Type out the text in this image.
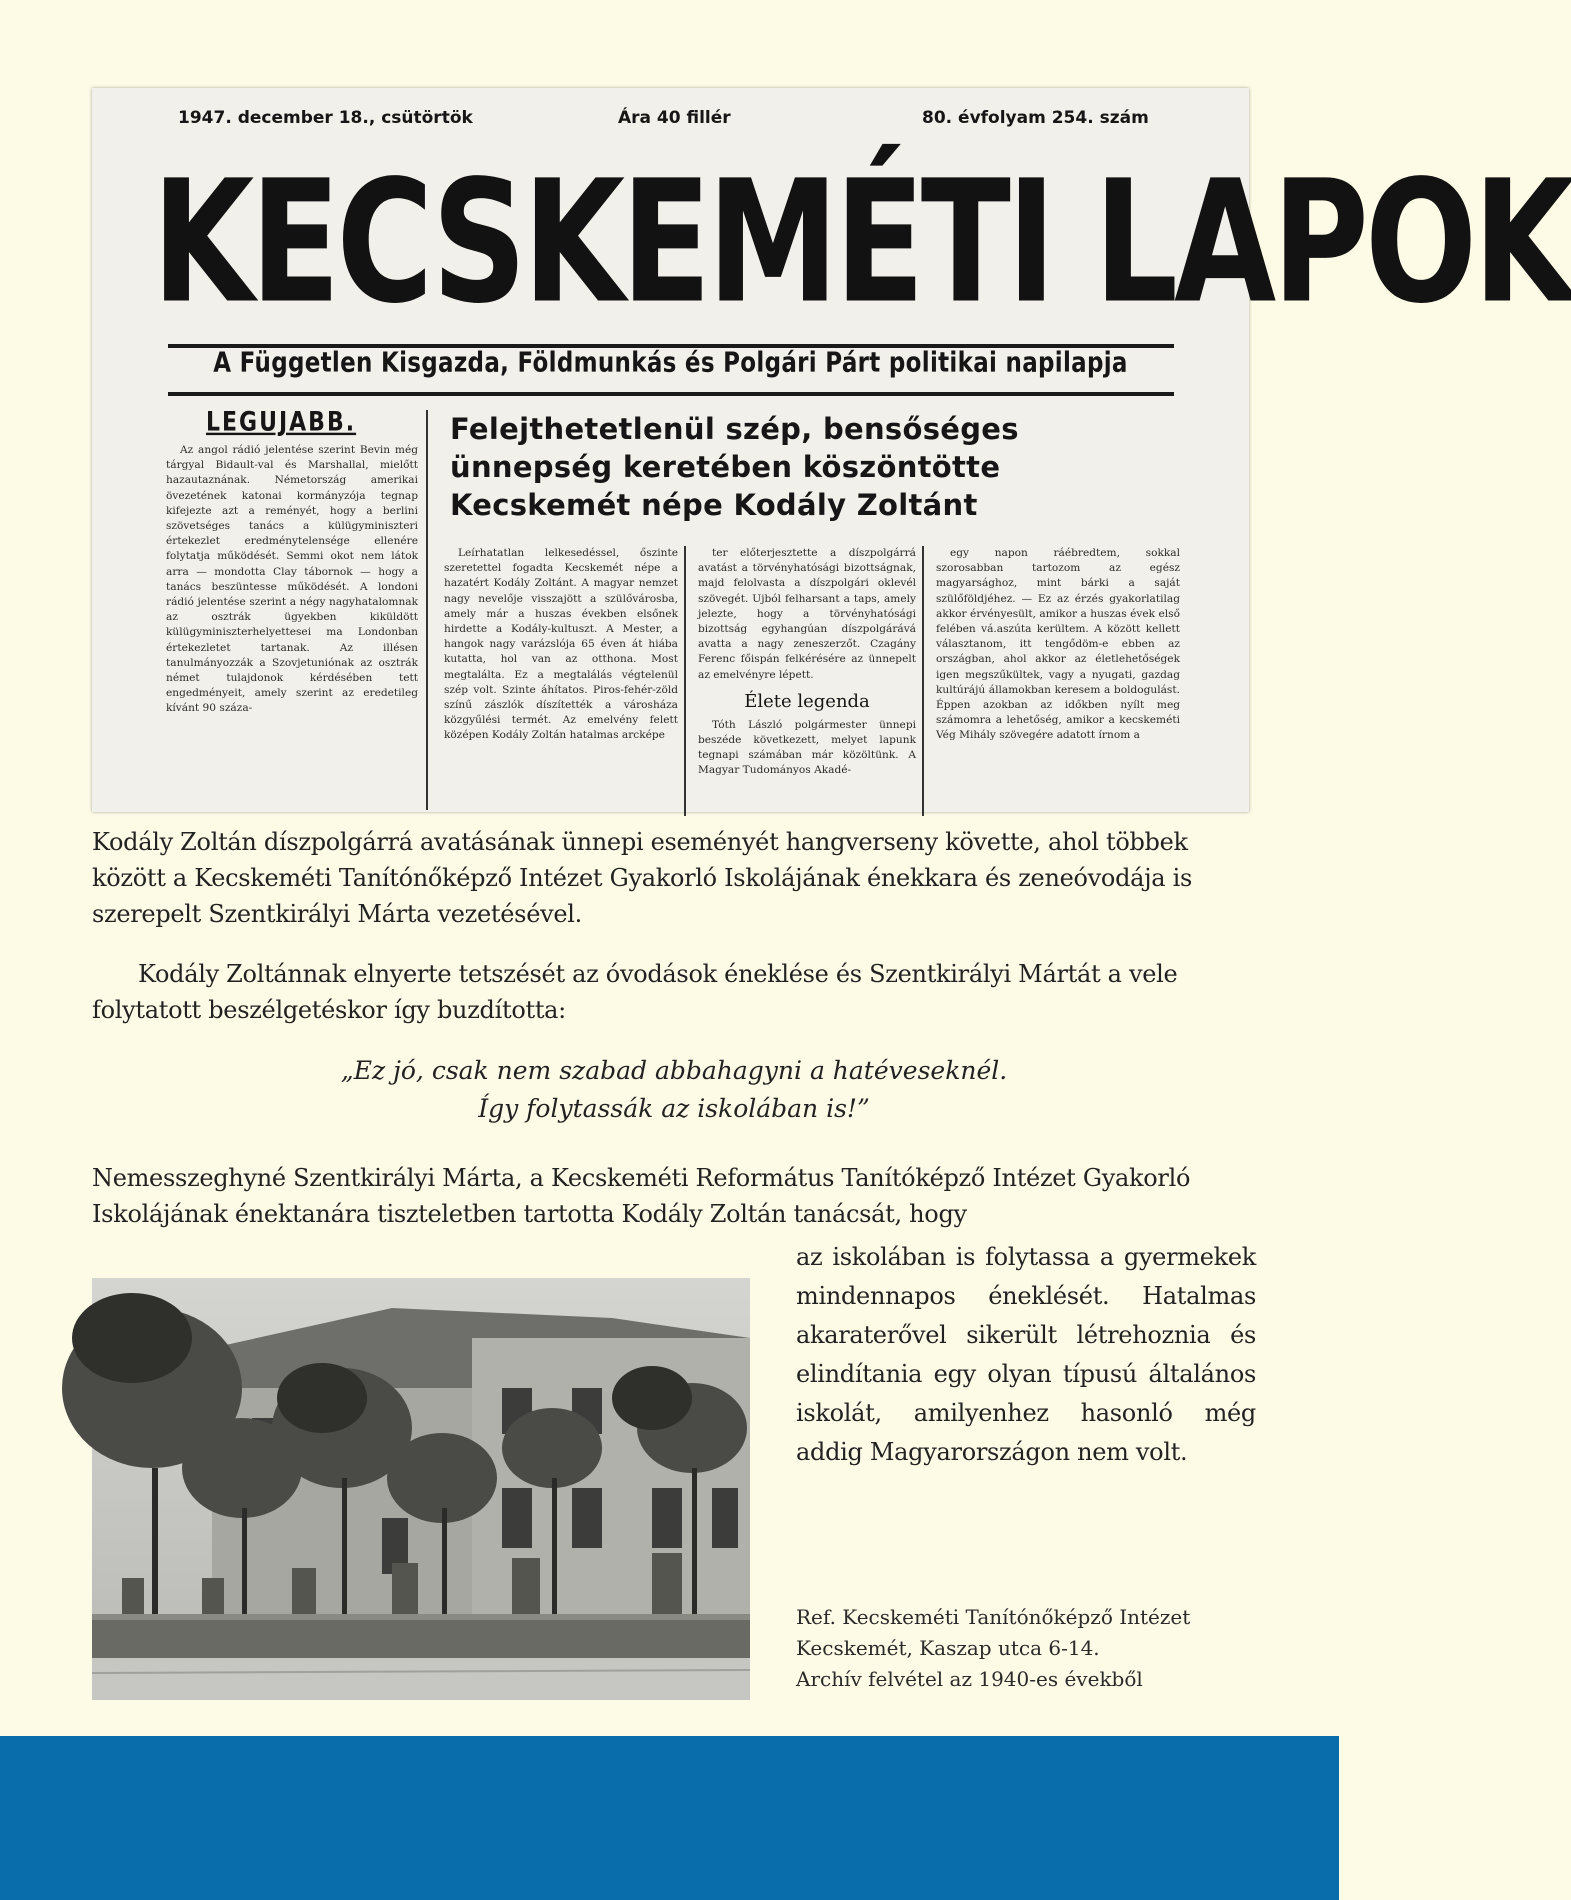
1947. december 18., csütörtök	Ára 40 fillér	80. évfolyam 254. szám
KECSKEMÉTI LAPOK
A Független Kisgazda, Földmunkás és Polgári Párt politikai napilapja
LEGUJABB.
Az angol rádió jelentése szerint Bevin még tárgyal Bidault-val és Marshallal, mielőtt hazautaznának. Németország amerikai övezetének katonai kormányzója tegnap kifejezte azt a reményét, hogy a berlini szövetséges tanács a külügyminiszteri értekezlet eredménytelensége ellenére folytatja működését. Semmi okot nem látok arra — mondotta Clay tábornok — hogy a tanács beszüntesse működését. A londoni rádió jelentése szerint a négy nagyhatalomnak az osztrák ügyekben kiküldött külügyminiszterhelyettesei ma Londonban értekezletet tartanak. Az illésen tanulmányozzák a Szovjetuniónak az osztrák német tulajdonok kérdésében tett engedményeit, amely szerint az eredetileg kívánt 90 száza-
Felejthetetlenül szép, bensőséges
ünnepség keretében köszöntötte
Kecskemét népe Kodály Zoltánt
Leírhatatlan lelkesedéssel, őszinte szeretettel fogadta Kecskemét népe a hazatért Kodály Zoltánt. A magyar nemzet nagy nevelője visszajött a szülővárosba, amely már a huszas években elsőnek hirdette a Kodály-kultuszt. A Mester, a hangok nagy varázslója 65 éven át hiába kutatta, hol van az otthona. Most megtalálta. Ez a megtalálás végtelenül szép volt. Szinte áhítatos. Piros-fehér-zöld színű zászlók díszítették a városháza közgyűlési termét. Az emelvény felett középen Kodály Zoltán hatalmas arcképe
ter előterjesztette a díszpolgárrá avatást a törvényhatósági bizottságnak, majd felolvasta a díszpolgári oklevél szövegét. Ujból felharsant a taps, amely jelezte, hogy a törvényhatósági bizottság egyhangúan díszpolgárává avatta a nagy zeneszerzőt. Czagány Ferenc főispán felkérésére az ünnepelt az emelvényre lépett.
Élete legenda
Tóth László polgármester ünnepi beszéde következett, melyet lapunk tegnapi számában már közöltünk. A Magyar Tudományos Akadé-
egy napon ráébredtem, sokkal szorosabban tartozom az egész magyarsághoz, mint bárki a saját szülőföldjéhez. — Ez az érzés gyakorlatilag akkor érvényesült, amikor a huszas évek első felében vá.aszúta kerültem. A között kellett választanom, itt tengődöm-e ebben az országban, ahol akkor az életlehetőségek igen megszűkültek, vagy a nyugati, gazdag kultúrájú államokban keresem a boldogulást. Éppen azokban az időkben nyílt meg számomra a lehetőség, amikor a kecskeméti Vég Mihály szövegére adatott írnom a

Kodály Zoltán díszpolgárrá avatásának ünnepi eseményét hangverseny követte, ahol többek között a Kecskeméti Tanítónőképző Intézet Gyakorló Iskolájának énekkara és zeneóvodája is szerepelt Szentkirályi Márta vezetésével.

Kodály Zoltánnak elnyerte tetszését az óvodások éneklése és Szentkirályi Mártát a vele folytatott beszélgetéskor így buzdította:

„Ez jó, csak nem szabad abbahagyni a hatéveseknél.
Így folytassák az iskolában is!”

Nemesszeghyné Szentkirályi Márta, a Kecskeméti Református Tanítóképző Intézet Gyakorló Iskolájának énektanára tiszteletben tartotta Kodály Zoltán tanácsát, hogy

az iskolában is folytassa a gyermekek mindennapos éneklését. Hatalmas akaraterővel sikerült létrehoznia és elindítania egy olyan típusú általános iskolát, amilyenhez hasonló még addig Magyarországon nem volt.

Ref. Kecskeméti Tanítónőképző Intézet
Kecskemét, Kaszap utca 6-14.
Archív felvétel az 1940-es évekből
